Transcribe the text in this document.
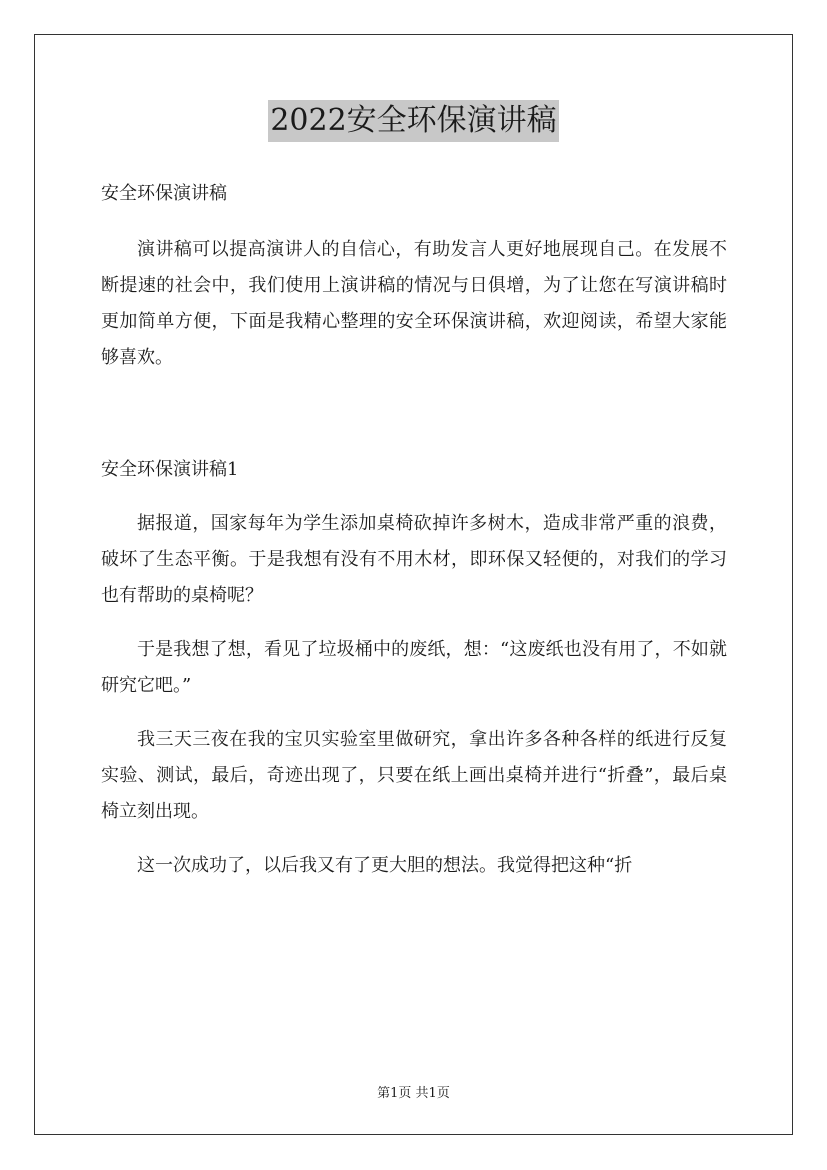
2022安全环保演讲稿

安全环保演讲稿

演讲稿可以提高演讲人的自信心，有助发言人更好地展现自己。在发展不断提速的社会中，我们使用上演讲稿的情况与日俱增，为了让您在写演讲稿时更加简单方便，下面是我精心整理的安全环保演讲稿，欢迎阅读，希望大家能够喜欢。

安全环保演讲稿1

据报道，国家每年为学生添加桌椅砍掉许多树木，造成非常严重的浪费，破坏了生态平衡。于是我想有没有不用木材，即环保又轻便的，对我们的学习也有帮助的桌椅呢？

于是我想了想，看见了垃圾桶中的废纸，想：“这废纸也没有用了，不如就研究它吧。”

我三天三夜在我的宝贝实验室里做研究，拿出许多各种各样的纸进行反复实验、测试，最后，奇迹出现了，只要在纸上画出桌椅并进行“折叠”，最后桌椅立刻出现。

这一次成功了，以后我又有了更大胆的想法。我觉得把这种“折

第1页 共1页
